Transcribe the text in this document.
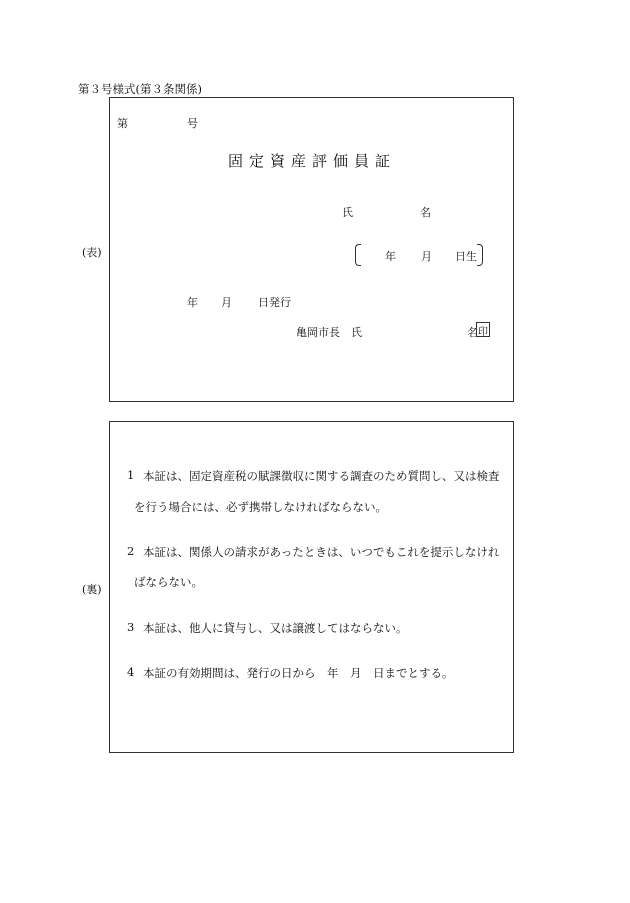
第３号様式(第３条関係)
(表)
第	号
固定資産評価員証
氏	名
年 月 日生
年 月 日発行
亀岡市長　氏	名 印
(裏)
1 本証は、固定資産税の賦課徴収に関する調査のため質問し、又は検査
を行う場合には、必ず携帯しなければならない。
2 本証は、関係人の請求があったときは、いつでもこれを提示しなけれ
ばならない。
3 本証は、他人に貸与し、又は譲渡してはならない。
4 本証の有効期間は、発行の日から　年　月　日までとする。
